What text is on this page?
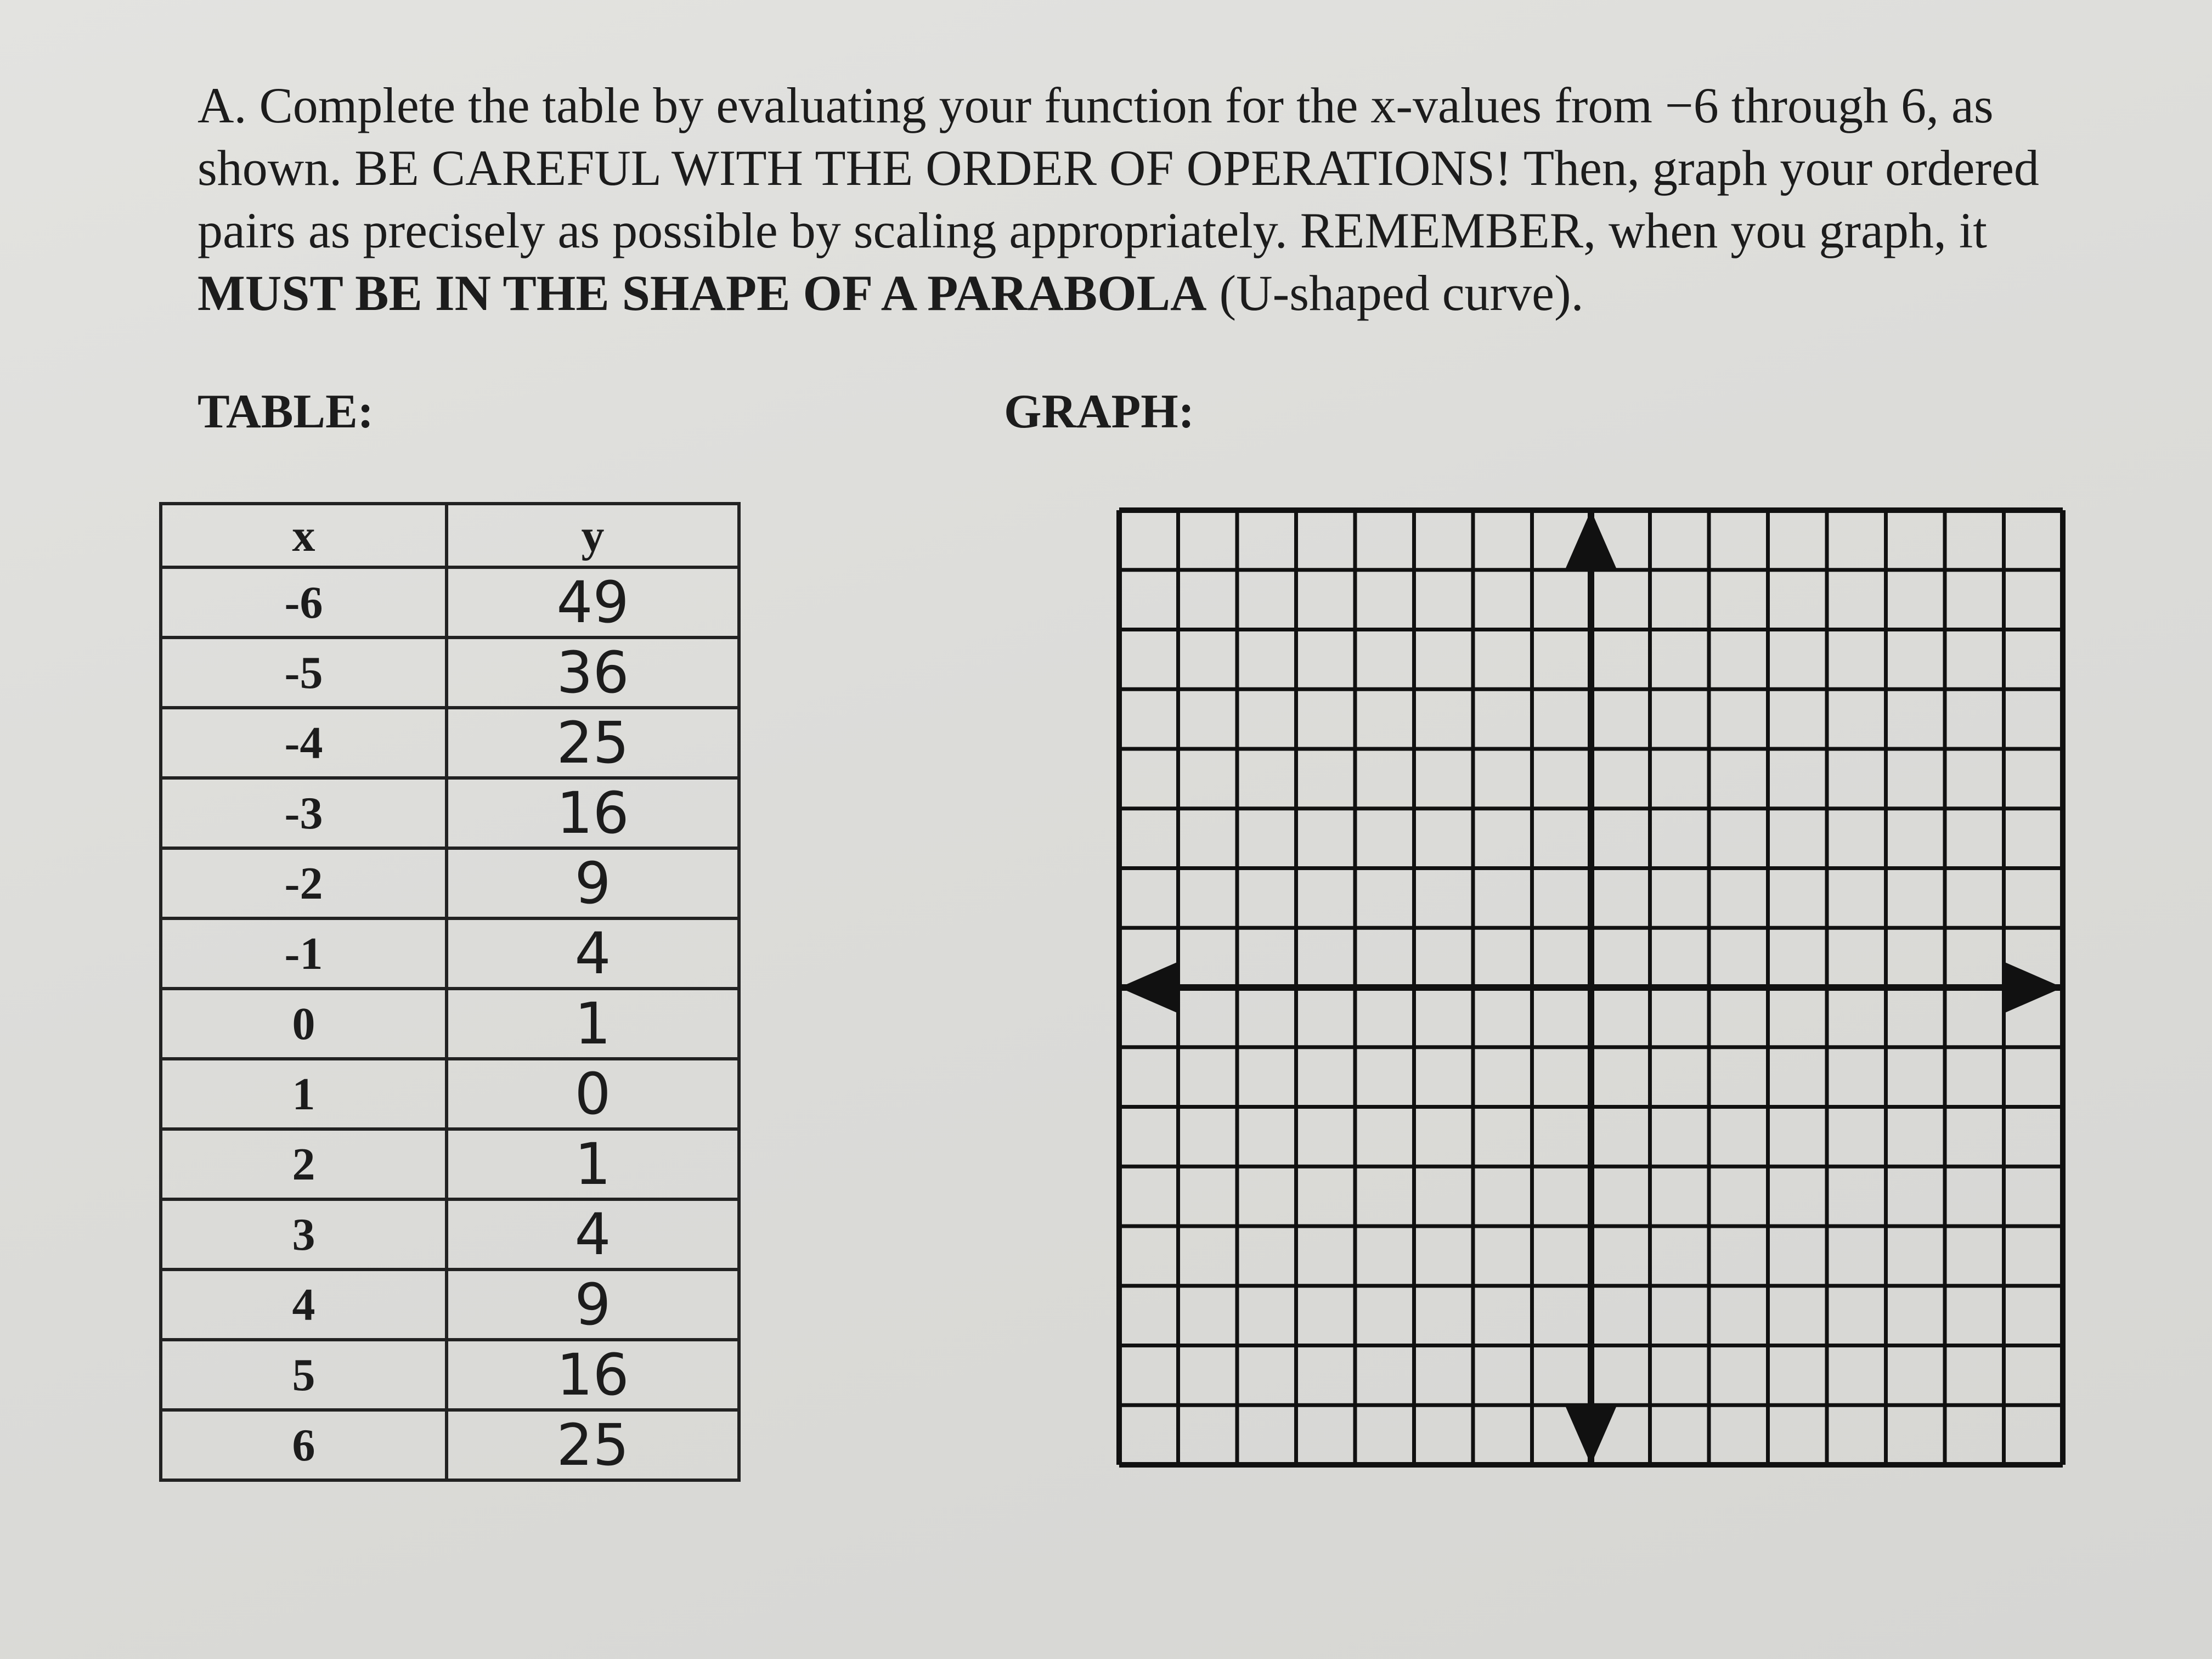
A. Complete the table by evaluating your function for the x-values from −6 through 6, as shown. BE CAREFUL WITH THE ORDER OF OPERATIONS! Then, graph your ordered pairs as precisely as possible by scaling appropriately. REMEMBER, when you graph, it MUST BE IN THE SHAPE OF A PARABOLA (U-shaped curve).

TABLE:	GRAPH:

x	y
-6	49
-5	36
-4	25
-3	16
-2	9
-1	4
0	1
1	0
2	1
3	4
4	9
5	16
6	25
